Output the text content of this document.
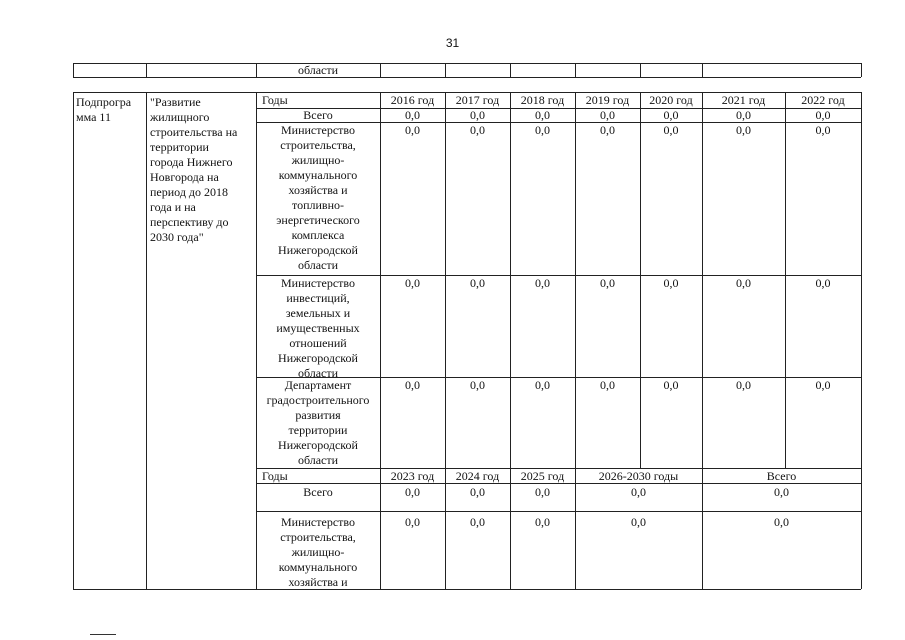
31
области
Подпрогра
мма 11
"Развитие
жилищного
строительства на
территории
города Нижнего
Новгорода на
период до 2018
года и на
перспективу до
2030 года"
Годы	2016 год	2017 год	2018 год	2019 год	2020 год	2021 год	2022 год
Всего	0,0	0,0	0,0	0,0	0,0	0,0	0,0
Министерство
строительства,
жилищно-
коммунального
хозяйства и
топливно-
энергетического
комплекса
Нижегородской
области
0,0	0,0	0,0	0,0	0,0	0,0	0,0
Министерство
инвестиций,
земельных и
имущественных
отношений
Нижегородской
области
0,0	0,0	0,0	0,0	0,0	0,0	0,0
Департамент
градостроительного
развития
территории
Нижегородской
области
0,0	0,0	0,0	0,0	0,0	0,0	0,0
Годы	2023 год	2024 год	2025 год	2026-2030 годы	Всего
Всего	0,0	0,0	0,0	0,0	0,0
Министерство
строительства,
жилищно-
коммунального
хозяйства и
0,0	0,0	0,0	0,0	0,0
